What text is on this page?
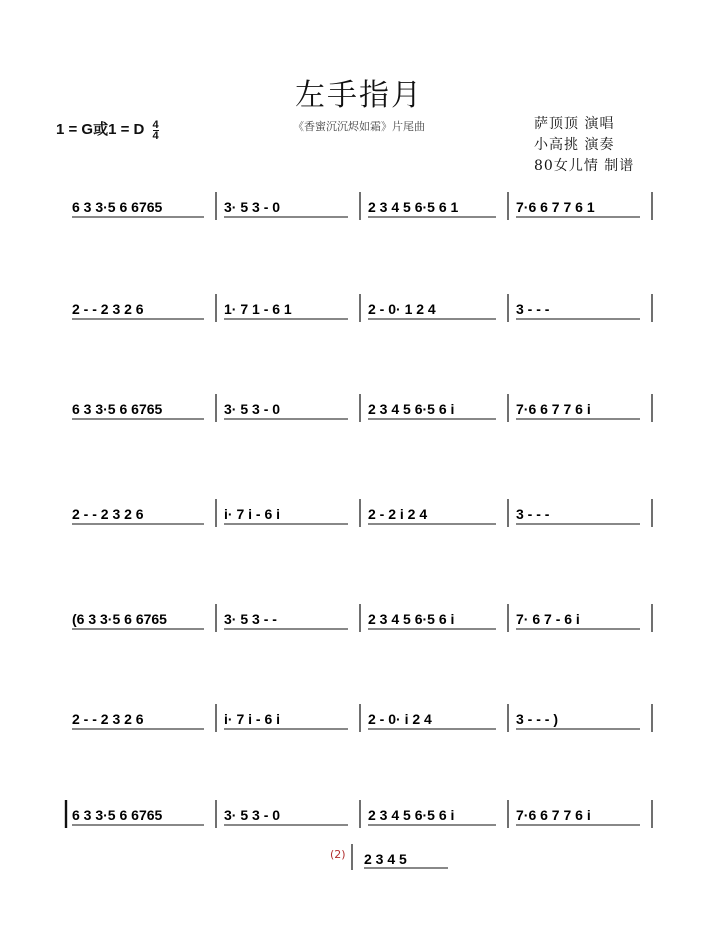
左手指月
《香蜜沉沉烬如霜》片尾曲
1 = G或1 = D $\frac{4}{4}$	萨顶顶 演唱
小高挑 演奏
80女儿情 制谱
6 3 3·5 6 6765	3· 5 3 - 0	2 3 4 5 6·5 6 1	7·6 6 7 7 6 1
2 - - 2 3 2 6	1· 7 1 - 6 1	2 - 0· 1 2 4	3 - - -
6 3 3·5 6 6765	3· 5 3 - 0	2 3 4 5 6·5 6 i	7·6 6 7 7 6 i
2 - - 2 3 2 6	i· 7 i - 6 i	2 - 2 i 2 4	3 - - -
(6 3 3·5 6 6765	3· 5 3 - -	2 3 4 5 6·5 6 i	7· 6 7 - 6 i
2 - - 2 3 2 6	i· 7 i - 6 i	2 - 0· i 2 4	3 - - - )
6 3 3·5 6 6765	3· 5 3 - 0	2 3 4 5 6·5 6 i	7·6 6 7 7 6 i
(2) 2 3 4 5
